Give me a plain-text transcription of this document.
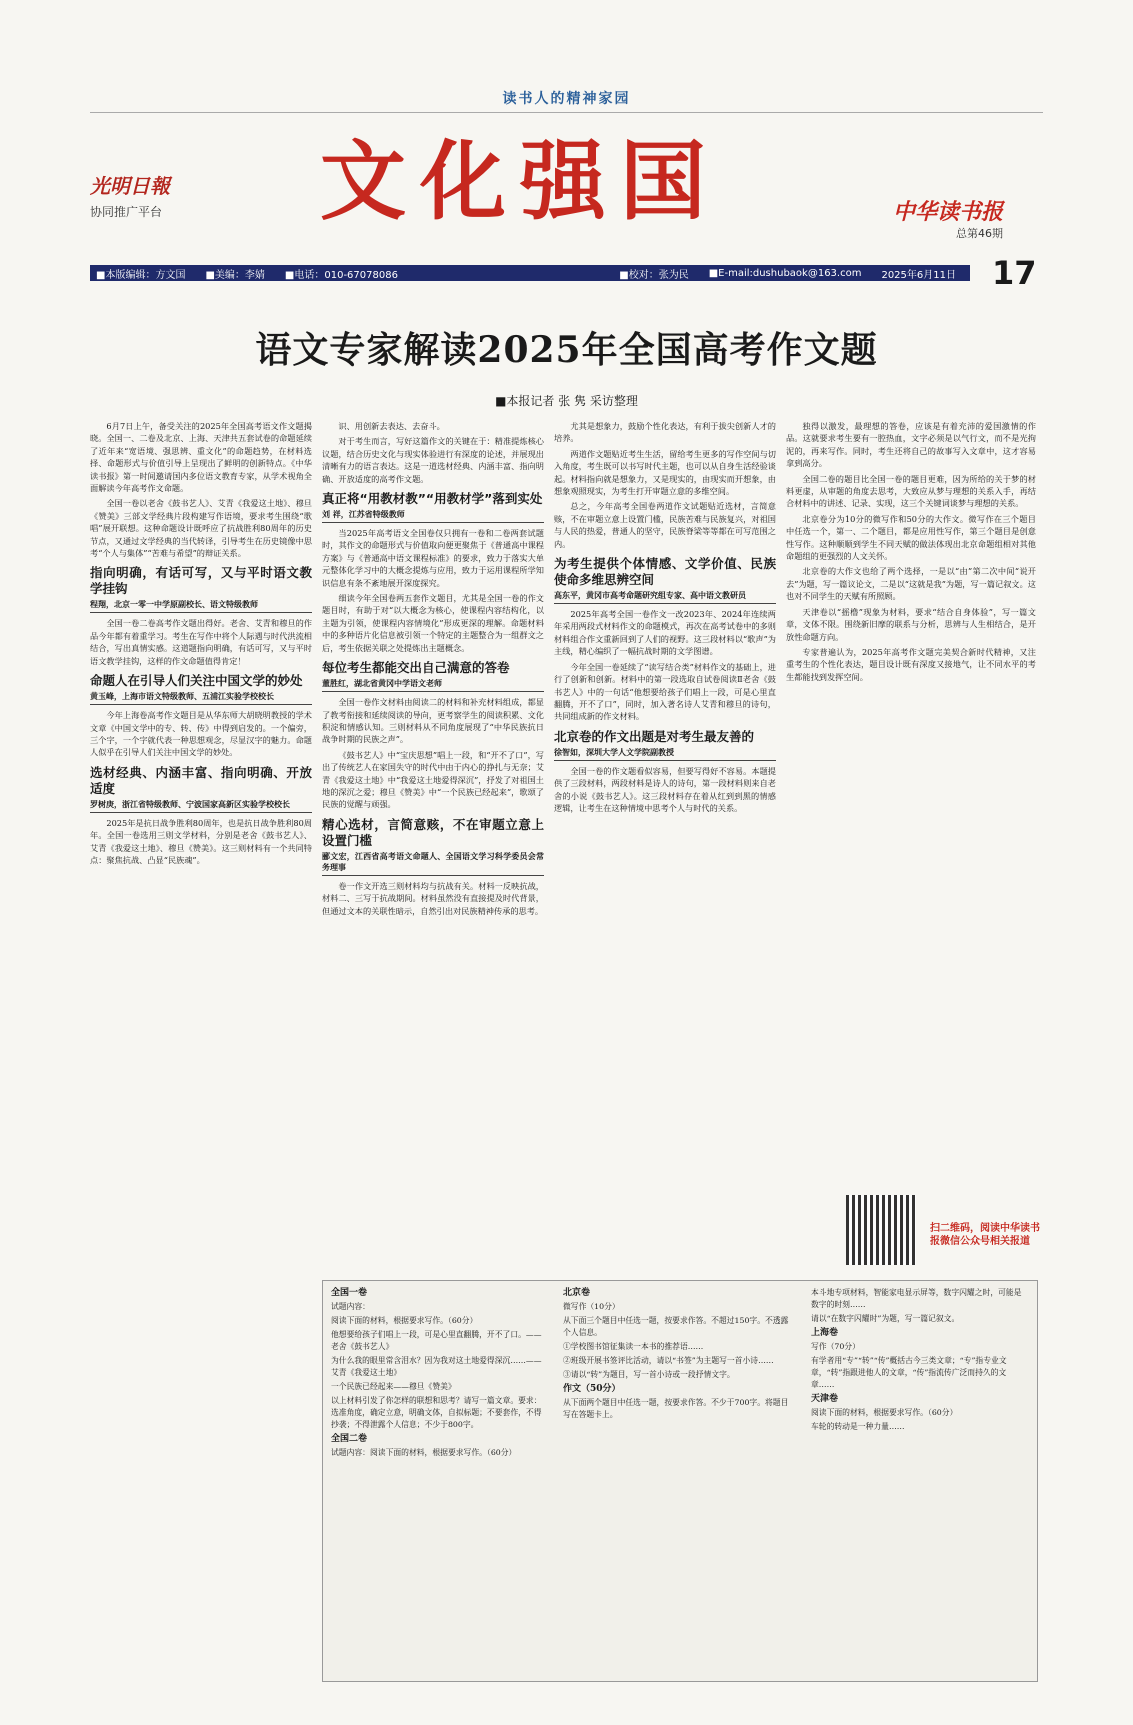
读书人的精神家园
光明日報
协同推广平台	文化强国	中华读书报
总第46期
■本版编辑：方文国 ■美编：李婧 ■电话：010-67078086	■校对：张为民 ■E-mail:dushubaok@163.com 2025年6月11日 17
语文专家解读2025年全国高考作文题
■本报记者 张 隽 采访整理

6月7日上午，备受关注的2025年全国高考语文作文题揭晓。全国一、二卷及北京、上海、天津共五套试卷的命题延续了近年来“宽语境、强思辨、重文化”的命题趋势，在材料选择、命题形式与价值引导上呈现出了鲜明的创新特点。《中华读书报》第一时间邀请国内多位语文教育专家，从学术视角全面解读今年高考作文命题。

全国一卷以老舍《鼓书艺人》、艾青《我爱这土地》、穆旦《赞美》三部文学经典片段构建写作语境，要求考生围绕“歌唱”展开联想。这种命题设计既呼应了抗战胜利80周年的历史节点，又通过文学经典的当代转译，引导考生在历史镜像中思考“个人与集体”“苦难与希望”的辩证关系。

指向明确，有话可写，又与平时语文教学挂钩
程翔，北京一零一中学原副校长、语文特级教师

全国一卷二卷高考作文题出得好。老舍、艾青和穆旦的作品今年都有着重学习。考生在写作中将个人际遇与时代洪流相结合，写出真情实感。这道题指向明确，有话可写，又与平时语文教学挂钩，这样的作文命题值得肯定！

命题人在引导人们关注中国文学的妙处
黄玉峰，上海市语文特级教师、五浦江实验学校校长

今年上海卷高考作文题目是从华东师大胡晓明教授的学术文章《中国文学中的专、转、传》中得到启发的。一个偏旁，三个字，一个字就代表一种思想观念，尽显汉字的魅力。命题人似乎在引导人们关注中国文学的妙处。

选材经典、内涵丰富、指向明确、开放适度
罗树庚，浙江省特级教师、宁波国家高新区实验学校校长

2025年是抗日战争胜利80周年，也是抗日战争胜利80周年。全国一卷选用三则文学材料，分别是老舍《鼓书艺人》、艾青《我爱这土地》、穆旦《赞美》。这三则材料有一个共同特点：聚焦抗战、凸显“民族魂”。

识、用创新去表达、去奋斗。

对于考生而言，写好这篇作文的关键在于：精准提炼核心议题，结合历史文化与现实体验进行有深度的论述，并展现出清晰有力的语言表达。这是一道选材经典、内涵丰富、指向明确、开放适度的高考作文题。

真正将“用教材教”“用教材学”落到实处
刘 祥，江苏省特级教师

当2025年高考语文全国卷仅只拥有一卷和二卷两套试题时，其作文的命题形式与价值取向便更聚焦于《普通高中课程方案》与《普通高中语文课程标准》的要求，致力于落实大单元整体化学习中的大概念提炼与应用，致力于运用课程所学知识信息有条不紊地展开深度探究。

细读今年全国卷两五套作文题目，尤其是全国一卷的作文题目时，有助于对“以大概念为核心，使课程内容结构化，以主题为引领，使课程内容情境化”形成更深的理解。命题材料中的多种语片化信息被引领一个特定的主题整合为一组群文之后，考生依据关联之处提炼出主题概念。

每位考生都能交出自己满意的答卷
董胜红，湖北省黄冈中学语文老师

全国一卷作文材料由阅读二的材料和补充材料组成，都显了教考衔接和延续阅读的导向，更考察学生的阅读积累、文化积淀和情感认知。三则材料从不同角度展现了“中华民族抗日战争时期的民族之声”。

《鼓书艺人》中“宝庆思想”唱上一段，和“开不了口”，写出了传统艺人在家国失守的时代中由于内心的挣扎与无奈；艾青《我爱这土地》中“我爱这土地爱得深沉”，抒发了对祖国土地的深沉之爱；穆旦《赞美》中“一个民族已经起来”，歌颂了民族的觉醒与顽强。

精心选材，言简意赅，不在审题立意上设置门槛
郦文宏，江西省高考语文命题人、全国语文学习科学委员会常务理事

卷一作文开选三则材料均与抗战有关。材料一反映抗战，材料二、三写于抗战期间。材料虽然没有直接提及时代背景，但通过文本的关联性暗示，自然引出对民族精神传承的思考。

尤其是想象力，鼓励个性化表达，有利于拔尖创新人才的培养。

两道作文题贴近考生生活，留给考生更多的写作空间与切入角度，考生既可以书写时代主题，也可以从自身生活经验谈起。材料指向就是想象力，又是现实的，由现实而开想象，由想象观照现实，为考生打开审题立意的多维空间。

总之，今年高考全国卷两道作文试题贴近选材，言简意赅，不在审题立意上设置门槛，民族苦难与民族复兴，对祖国与人民的热爱，普通人的坚守，民族脊梁等等都在可写范围之内。

为考生提供个体情感、文学价值、民族使命多维思辨空间
高东平，黄冈市高考命题研究组专家、高中语文教研员

2025年高考全国一卷作文一改2023年、2024年连续两年采用两段式材料作文的命题模式，再次在高考试卷中的多则材料组合作文重新回到了人们的视野。这三段材料以“歌声”为主线，精心编织了一幅抗战时期的文学图谱。

今年全国一卷延续了“读写结合类”材料作文的基础上，进行了创新和创新。材料中的第一段选取自试卷阅读Ⅱ老舍《鼓书艺人》中的一句话“他想要给孩子们唱上一段，可是心里直翻腾，开不了口”，同时，加入著名诗人艾青和穆旦的诗句，共同组成新的作文材料。

北京卷的作文出题是对考生最友善的
徐智如，深圳大学人文学院副教授

全国一卷的作文题看似容易，但要写得好不容易。本题提供了三段材料，两段材料是诗人的诗句，第一段材料则来自老舍的小说《鼓书艺人》。这三段材料存在着从红到到黑的情感逻辑，让考生在这种情境中思考个人与时代的关系。

独得以激发，最理想的答卷，应该是有着充沛的爱国激情的作品。这就要求考生要有一腔热血，文字必须是以气行文，而不是光拘泥的，再来写作。同时，考生还将自己的故事写入文章中，这才容易拿到高分。

全国二卷的题目比全国一卷的题目更难，因为所给的关于梦的材料更虚，从审题的角度去思考，大致应从梦与理想的关系入手，再结合材料中的讲述、记录、实现，这三个关键词谈梦与理想的关系。

北京卷分为10分的微写作和50分的大作文。微写作在三个题目中任选一个，第一、二个题目，都是应用性写作，第三个题目是创意性写作。这种顺顺到学生不同天赋的做法体现出北京命题组相对其他命题组的更强烈的人文关怀。

北京卷的大作文也给了两个选择，一是以“由”第二次中间“说开去”为题，写一篇议论文，二是以“这就是我”为题，写一篇记叙文。这也对不同学生的天赋有所照顾。

天津卷以“摇橹”现象为材料，要求“结合自身体验”，写一篇文章，文体不限。围绕新旧摩的联系与分析，思辨与人生相结合，是开放性命题方向。

专家普遍认为，2025年高考作文题完美契合新时代精神，又注重考生的个性化表达，题目设计既有深度又接地气，让不同水平的考生都能找到发挥空间。

扫二维码，阅读中华读书报微信公众号相关报道

全国一卷

试题内容：

阅读下面的材料，根据要求写作。（60分）

他想要给孩子们唱上一段，可是心里直翻腾，开不了口。——老舍《鼓书艺人》

为什么我的眼里常含泪水？因为我对这土地爱得深沉……——艾青《我爱这土地》

一个民族已经起来——穆旦《赞美》

以上材料引发了你怎样的联想和思考？请写一篇文章。要求：选准角度，确定立意，明确文体，自拟标题；不要套作，不得抄袭；不得泄露个人信息；不少于800字。

全国二卷

试题内容：阅读下面的材料，根据要求写作。（60分）

北京卷

微写作（10分）

从下面三个题目中任选一题，按要求作答。不超过150字。不透露个人信息。

①学校图书馆征集读一本书的推荐语……

②班级开展书签评比活动，请以“书签”为主题写一首小诗……

③请以“转”为题目，写一首小诗或一段抒情文字。

作文（50分）

从下面两个题目中任选一题，按要求作答。不少于700字。将题目写在答题卡上。

本斗地专项材料，智能家电显示屏等，数字闪耀之时，可能是数字的时刻……

请以“在数字闪耀时”为题，写一篇记叙文。

上海卷

写作（70分）

有学者用“专”“转”“传”概括古今三类文章；“专”指专业文章，“转”指跟进他人的文章，“传”指流传广泛而持久的文章……

天津卷

阅读下面的材料，根据要求写作。（60分）

车轮的转动是一种力量……
